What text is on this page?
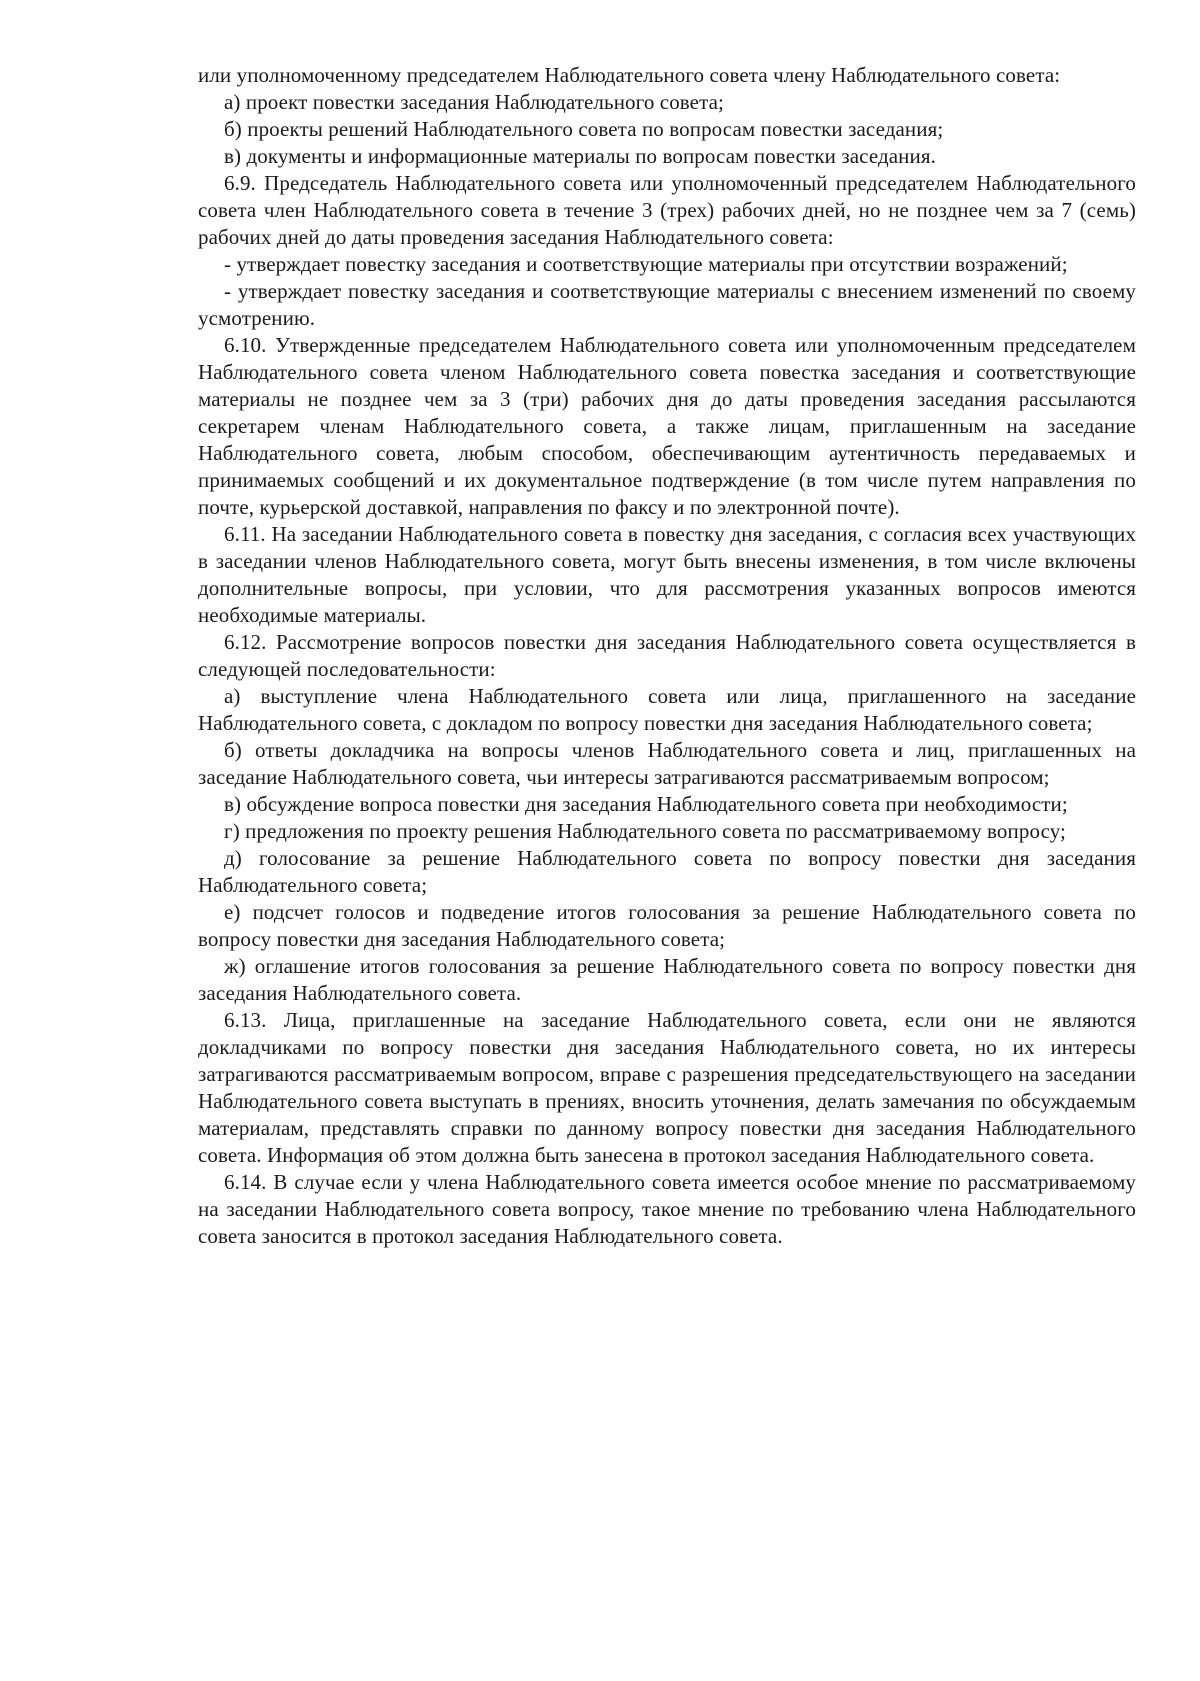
или уполномоченному председателем Наблюдательного совета члену Наблюдательного совета:

а) проект повестки заседания Наблюдательного совета;

б) проекты решений Наблюдательного совета по вопросам повестки заседания;

в) документы и информационные материалы по вопросам повестки заседания.

6.9. Председатель Наблюдательного совета или уполномоченный председателем Наблюдательного совета член Наблюдательного совета в течение 3 (трех) рабочих дней, но не позднее чем за 7 (семь) рабочих дней до даты проведения заседания Наблюдательного совета:

- утверждает повестку заседания и соответствующие материалы при отсутствии возражений;

- утверждает повестку заседания и соответствующие материалы с внесением изменений по своему усмотрению.

6.10. Утвержденные председателем Наблюдательного совета или уполномоченным председателем Наблюдательного совета членом Наблюдательного совета повестка заседания и соответствующие материалы не позднее чем за 3 (три) рабочих дня до даты проведения заседания рассылаются секретарем членам Наблюдательного совета, а также лицам, приглашенным на заседание Наблюдательного совета, любым способом, обеспечивающим аутентичность передаваемых и принимаемых сообщений и их документальное подтверждение (в том числе путем направления по почте, курьерской доставкой, направления по факсу и по электронной почте).

6.11. На заседании Наблюдательного совета в повестку дня заседания, с согласия всех участвующих в заседании членов Наблюдательного совета, могут быть внесены изменения, в том числе включены дополнительные вопросы, при условии, что для рассмотрения указанных вопросов имеются необходимые материалы.

6.12. Рассмотрение вопросов повестки дня заседания Наблюдательного совета осуществляется в следующей последовательности:

а) выступление члена Наблюдательного совета или лица, приглашенного на заседание Наблюдательного совета, с докладом по вопросу повестки дня заседания Наблюдательного совета;

б) ответы докладчика на вопросы членов Наблюдательного совета и лиц, приглашенных на заседание Наблюдательного совета, чьи интересы затрагиваются рассматриваемым вопросом;

в) обсуждение вопроса повестки дня заседания Наблюдательного совета при необходимости;

г) предложения по проекту решения Наблюдательного совета по рассматриваемому вопросу;

д) голосование за решение Наблюдательного совета по вопросу повестки дня заседания Наблюдательного совета;

е) подсчет голосов и подведение итогов голосования за решение Наблюдательного совета по вопросу повестки дня заседания Наблюдательного совета;

ж) оглашение итогов голосования за решение Наблюдательного совета по вопросу повестки дня заседания Наблюдательного совета.

6.13. Лица, приглашенные на заседание Наблюдательного совета, если они не являются докладчиками по вопросу повестки дня заседания Наблюдательного совета, но их интересы затрагиваются рассматриваемым вопросом, вправе с разрешения председательствующего на заседании Наблюдательного совета выступать в прениях, вносить уточнения, делать замечания по обсуждаемым материалам, представлять справки по данному вопросу повестки дня заседания Наблюдательного совета. Информация об этом должна быть занесена в протокол заседания Наблюдательного совета.

6.14. В случае если у члена Наблюдательного совета имеется особое мнение по рассматриваемому на заседании Наблюдательного совета вопросу, такое мнение по требованию члена Наблюдательного совета заносится в протокол заседания Наблюдательного совета.
